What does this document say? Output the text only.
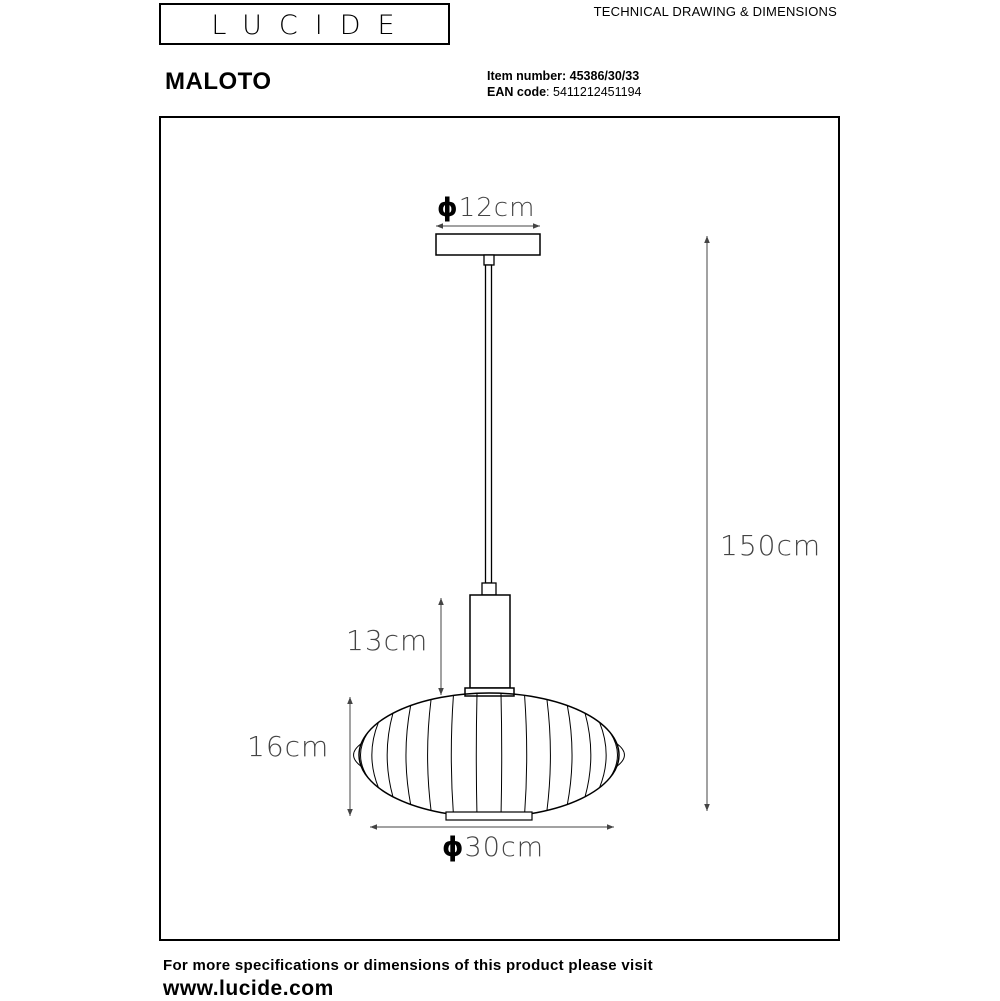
LUCIDE	TECHNICAL DRAWING & DIMENSIONS
MALOTO	Item number: 45386/30/33
EAN code: 5411212451194
ϕ12cm
150cm
13cm
16cm
ϕ30cm
For more specifications or dimensions of this product please visit
www.lucide.com
